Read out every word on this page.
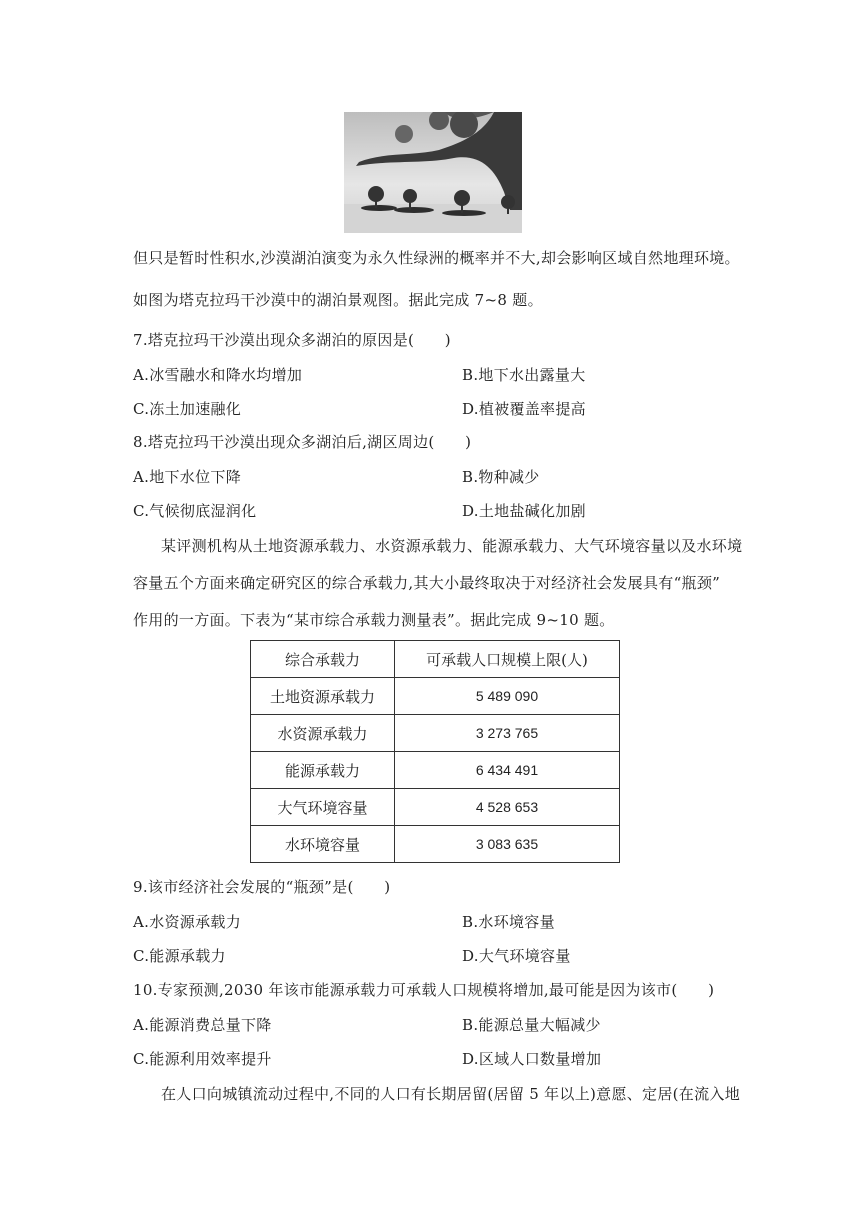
但只是暂时性积水,沙漠湖泊演变为永久性绿洲的概率并不大,却会影响区域自然地理环境。
如图为塔克拉玛干沙漠中的湖泊景观图。据此完成 7~8 题。
7.塔克拉玛干沙漠出现众多湖泊的原因是(　　)
A.冰雪融水和降水均增加	B.地下水出露量大
C.冻土加速融化	D.植被覆盖率提高
8.塔克拉玛干沙漠出现众多湖泊后,湖区周边(　　)
A.地下水位下降	B.物种减少
C.气候彻底湿润化	D.土地盐碱化加剧
某评测机构从土地资源承载力、水资源承载力、能源承载力、大气环境容量以及水环境
容量五个方面来确定研究区的综合承载力,其大小最终取决于对经济社会发展具有“瓶颈”
作用的一方面。下表为“某市综合承载力测量表”。据此完成 9~10 题。
综合承载力	可承载人口规模上限(人)
土地资源承载力	5 489 090
水资源承载力	3 273 765
能源承载力	6 434 491
大气环境容量	4 528 653
水环境容量	3 083 635
9.该市经济社会发展的“瓶颈”是(　　)
A.水资源承载力	B.水环境容量
C.能源承载力	D.大气环境容量
10.专家预测,2030 年该市能源承载力可承载人口规模将增加,最可能是因为该市(　　)
A.能源消费总量下降	B.能源总量大幅减少
C.能源利用效率提升	D.区域人口数量增加
在人口向城镇流动过程中,不同的人口有长期居留(居留 5 年以上)意愿、定居(在流入地
